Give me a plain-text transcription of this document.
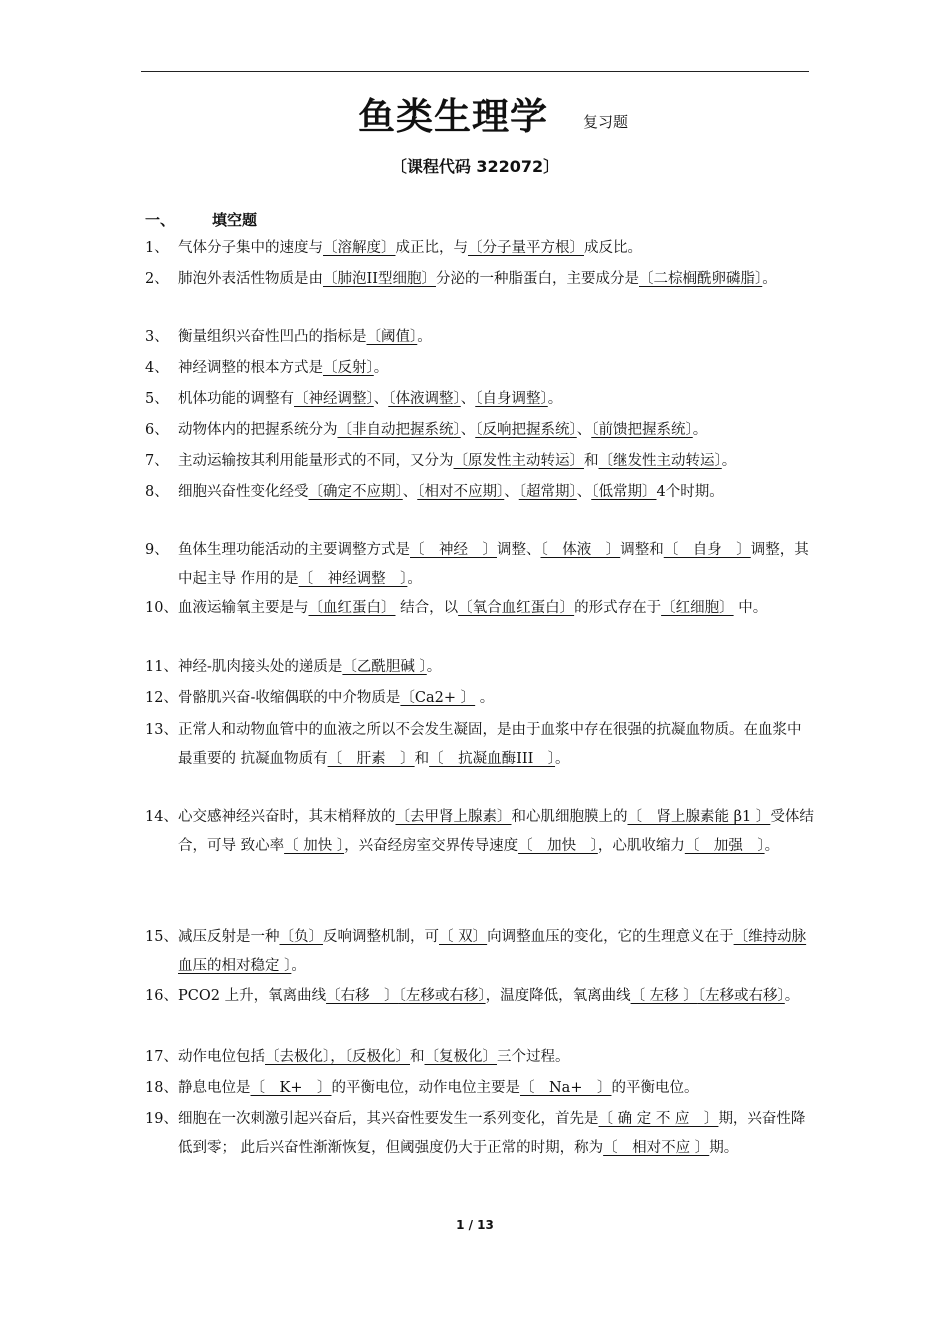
鱼类生理学 复习题
〔课程代码 322072〕
一、 填空题
1、 气体分子集中的速度与〔溶解度〕成正比，与〔分子量平方根〕成反比。
2、 肺泡外表活性物质是由〔肺泡II型细胞〕分泌的一种脂蛋白，主要成分是〔二棕榈酰卵磷脂〕。
3、 衡量组织兴奋性凹凸的指标是〔阈值〕。
4、 神经调整的根本方式是〔反射〕。
5、 机体功能的调整有〔神经调整〕、〔体液调整〕、〔自身调整〕。
6、 动物体内的把握系统分为〔非自动把握系统〕、〔反响把握系统〕、〔前馈把握系统〕。
7、 主动运输按其利用能量形式的不同，又分为〔原发性主动转运〕和〔继发性主动转运〕。
8、 细胞兴奋性变化经受〔确定不应期〕、〔相对不应期〕、〔超常期〕、〔低常期〕4个时期。
9、 鱼体生理功能活动的主要调整方式是〔　神经　〕调整、〔　体液　〕调整和〔　自身　〕调整，其中起主导 作用的是〔　神经调整　〕。
10、 血液运输氧主要是与〔血红蛋白〕 结合，以〔氧合血红蛋白〕的形式存在于〔红细胞〕 中。
11、 神经-肌肉接头处的递质是〔乙酰胆碱 〕。
12、 骨骼肌兴奋-收缩偶联的中介物质是〔Ca2+ 〕 。
13、 正常人和动物血管中的血液之所以不会发生凝固，是由于血浆中存在很强的抗凝血物质。在血浆中最重要的 抗凝血物质有〔　肝素　〕和〔　抗凝血酶III　〕。
14、 心交感神经兴奋时，其末梢释放的〔去甲肾上腺素〕和心肌细胞膜上的〔　肾上腺素能 β1 〕受体结合，可导 致心率〔 加快 〕，兴奋经房室交界传导速度〔　加快　〕，心肌收缩力〔　加强　〕。
15、 减压反射是一种〔负〕反响调整机制，可〔 双〕向调整血压的变化，它的生理意义在于〔维持动脉血压的相对稳定 〕。
16、 PCO2 上升，氧离曲线〔右移　〕〔左移或右移〕，温度降低，氧离曲线〔 左移 〕〔左移或右移〕。
17、 动作电位包括〔去极化〕，〔反极化〕和〔复极化〕三个过程。
18、 静息电位是〔　K+　〕的平衡电位，动作电位主要是〔　Na+　〕的平衡电位。
19、 细胞在一次刺激引起兴奋后，其兴奋性要发生一系列变化，首先是〔 确 定 不 应　〕期，兴奋性降低到零； 此后兴奋性渐渐恢复，但阈强度仍大于正常的时期，称为〔　相对不应 〕期。
1 / 13
